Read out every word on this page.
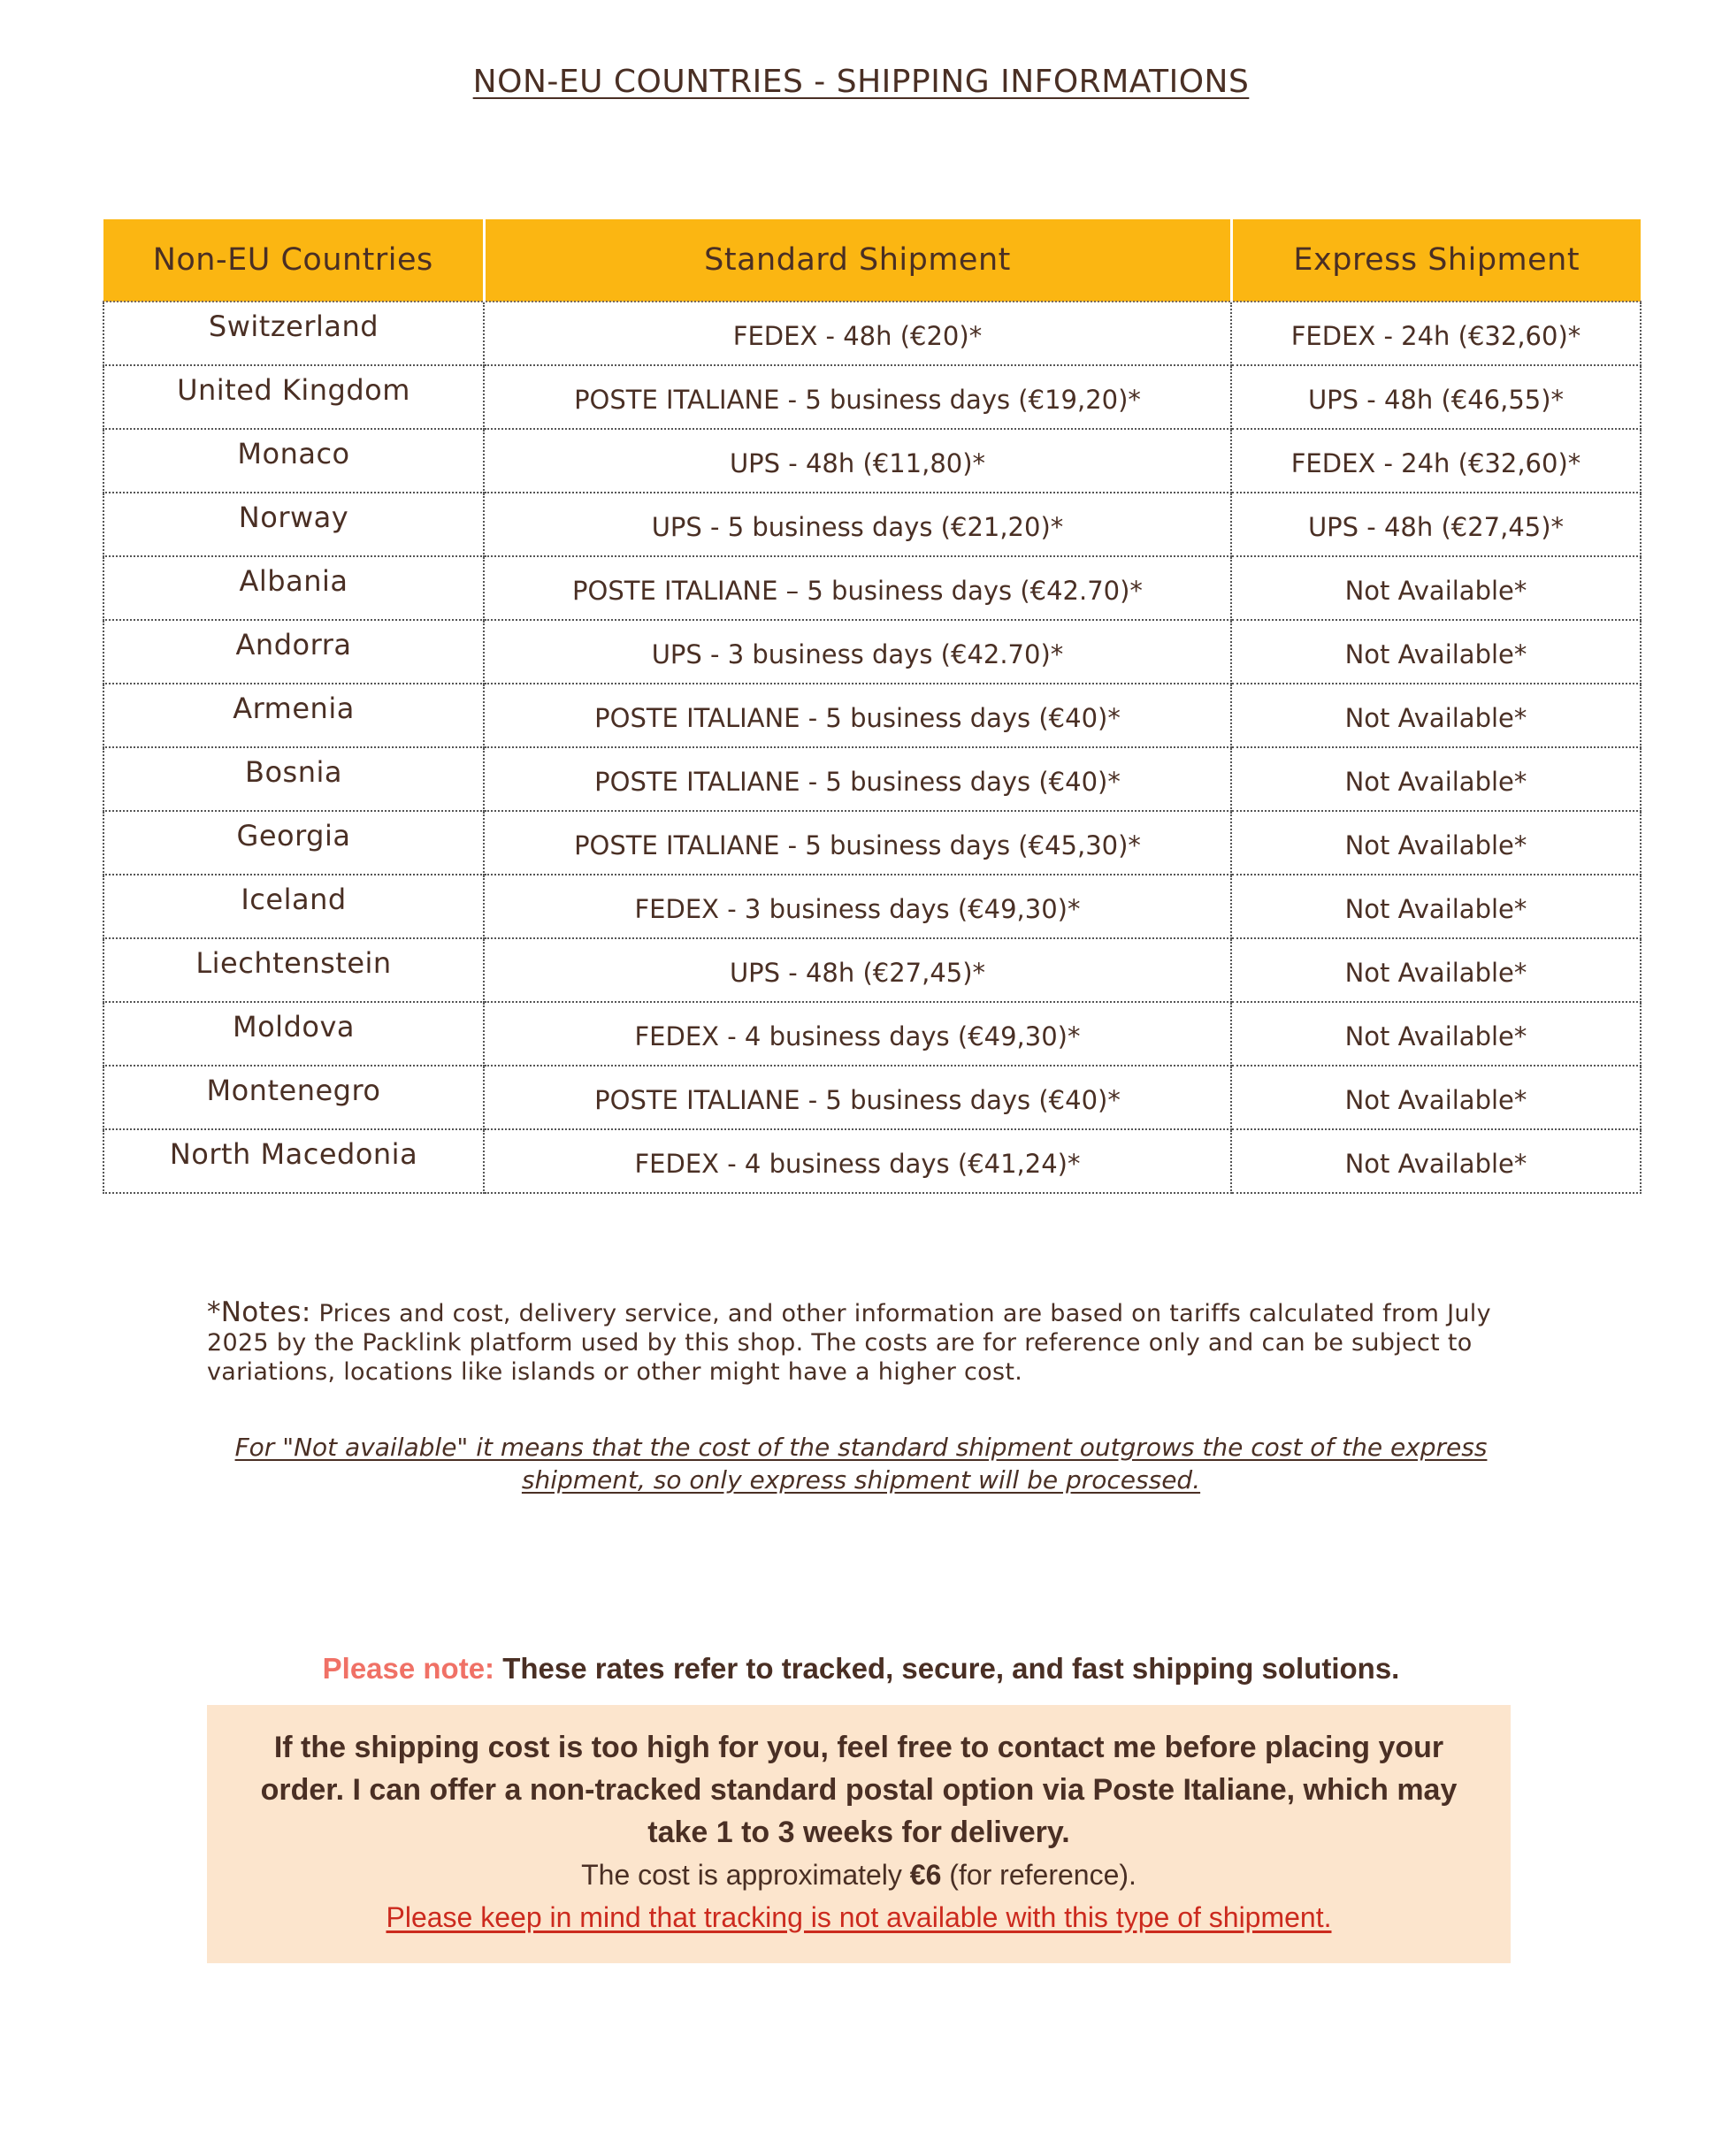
NON-EU COUNTRIES - SHIPPING INFORMATIONS
Non-EU Countries	Standard Shipment	Express Shipment
Switzerland	FEDEX - 48h (€20)*	FEDEX - 24h (€32,60)*
United Kingdom	POSTE ITALIANE - 5 business days (€19,20)*	UPS - 48h (€46,55)*
Monaco	UPS - 48h (€11,80)*	FEDEX - 24h (€32,60)*
Norway	UPS - 5 business days (€21,20)*	UPS - 48h (€27,45)*
Albania	POSTE ITALIANE – 5 business days (€42.70)*	Not Available*
Andorra	UPS - 3 business days (€42.70)*	Not Available*
Armenia	POSTE ITALIANE - 5 business days (€40)*	Not Available*
Bosnia	POSTE ITALIANE - 5 business days (€40)*	Not Available*
Georgia	POSTE ITALIANE - 5 business days (€45,30)*	Not Available*
Iceland	FEDEX - 3 business days (€49,30)*	Not Available*
Liechtenstein	UPS - 48h (€27,45)*	Not Available*
Moldova	FEDEX - 4 business days (€49,30)*	Not Available*
Montenegro	POSTE ITALIANE - 5 business days (€40)*	Not Available*
North Macedonia	FEDEX - 4 business days (€41,24)*	Not Available*
*Notes: Prices and cost, delivery service, and other information are based on tariffs calculated from July 2025 by the Packlink platform used by this shop. The costs are for reference only and can be subject to variations, locations like islands or other might have a higher cost.
For "Not available" it means that the cost of the standard shipment outgrows the cost of the express shipment, so only express shipment will be processed.
Please note: These rates refer to tracked, secure, and fast shipping solutions.
If the shipping cost is too high for you, feel free to contact me before placing your order. I can offer a non-tracked standard postal option via Poste Italiane, which may take 1 to 3 weeks for delivery.
The cost is approximately €6 (for reference).
Please keep in mind that tracking is not available with this type of shipment.
